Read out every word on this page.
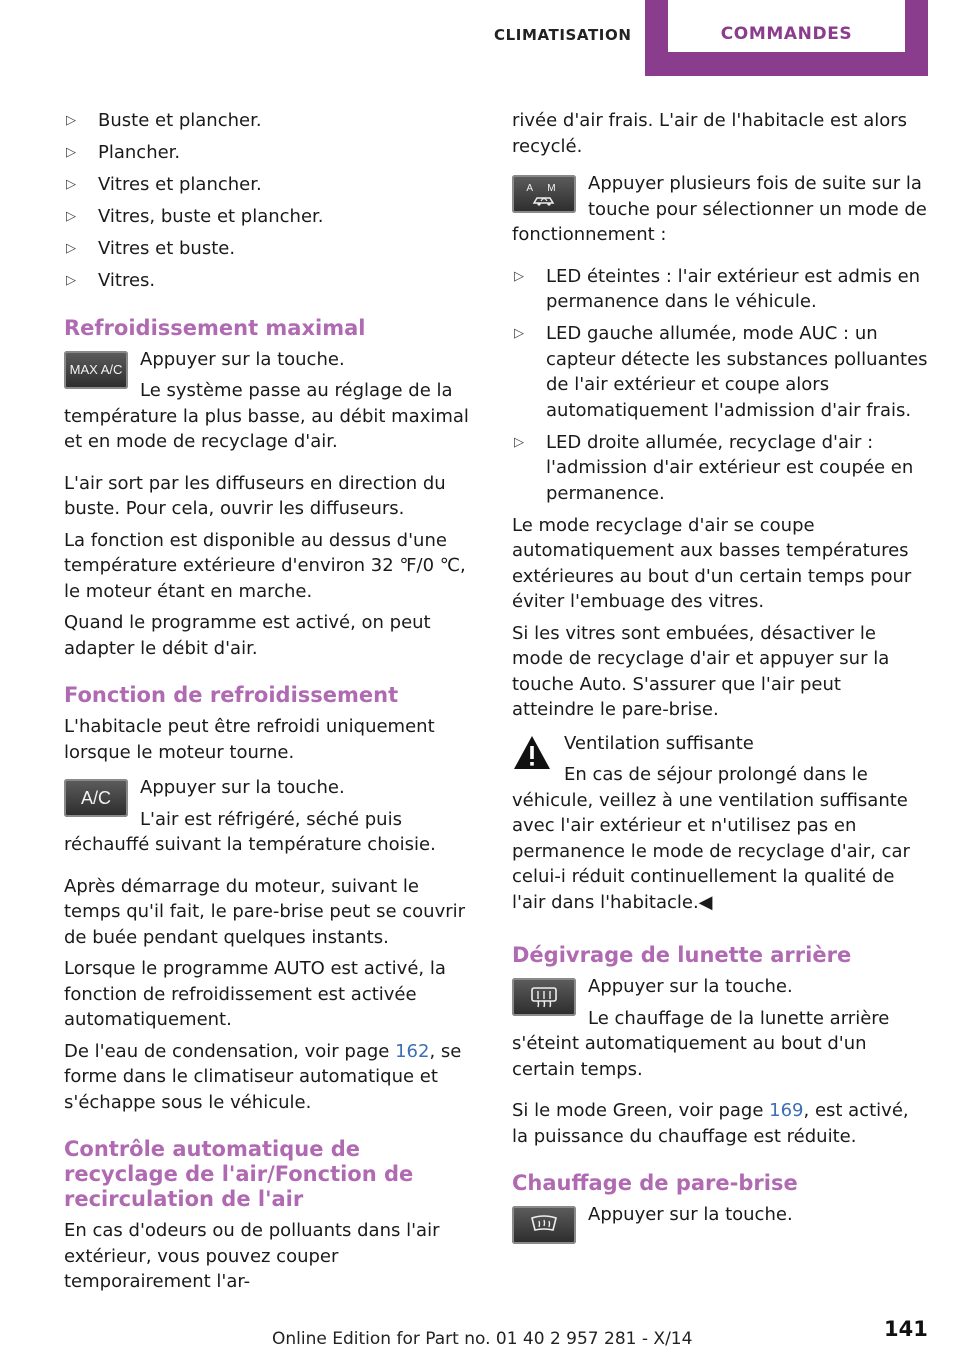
CLIMATISATION	COMMANDES
▷ Buste et plancher.
▷ Plancher.
▷ Vitres et plancher.
▷ Vitres, buste et plancher.
▷ Vitres et buste.
▷ Vitres.
Refroidissement maximal
MAX A/C Appuyer sur la touche.

Le système passe au réglage de la température la plus basse, au débit maximal et en mode de recyclage d'air.

L'air sort par les diffuseurs en direction du buste. Pour cela, ouvrir les diffuseurs.

La fonction est disponible au dessus d'une température extérieure d'environ 32 ℉/0 ℃, le moteur étant en marche.

Quand le programme est activé, on peut adapter le débit d'air.

Fonction de refroidissement

L'habitacle peut être refroidi uniquement lorsque le moteur tourne.

A/C	Appuyer sur la touche.

L'air est réfrigéré, séché puis réchauffé suivant la température choisie.

Après démarrage du moteur, suivant le temps qu'il fait, le pare-brise peut se couvrir de buée pendant quelques instants.

Lorsque le programme AUTO est activé, la fonction de refroidissement est activée automatiquement.

De l'eau de condensation, voir page 162, se forme dans le climatiseur automatique et s'échappe sous le véhicule.

Contrôle automatique de recyclage de l'air/Fonction de recirculation de l'air

En cas d'odeurs ou de polluants dans l'air extérieur, vous pouvez couper temporairement l'ar-

rivée d'air frais. L'air de l'habitacle est alors recyclé.

A M	Appuyer plusieurs fois de suite sur la touche pour sélectionner un mode de fonctionnement :

▷ LED éteintes : l'air extérieur est admis en permanence dans le véhicule.
▷ LED gauche allumée, mode AUC : un capteur détecte les substances polluantes de l'air extérieur et coupe alors automatiquement l'admission d'air frais.
▷ LED droite allumée, recyclage d'air : l'admission d'air extérieur est coupée en permanence.

Le mode recyclage d'air se coupe automatiquement aux basses températures extérieures au bout d'un certain temps pour éviter l'embuage des vitres.

Si les vitres sont embuées, désactiver le mode de recyclage d'air et appuyer sur la touche Auto. S'assurer que l'air peut atteindre le pare-brise.

Ventilation suffisante

En cas de séjour prolongé dans le véhicule, veillez à une ventilation suffisante avec l'air extérieur et n'utilisez pas en permanence le mode de recyclage d'air, car celui-i réduit continuellement la qualité de l'air dans l'habitacle.◀

Dégivrage de lunette arrière

Appuyer sur la touche.

Le chauffage de la lunette arrière s'éteint automatiquement au bout d'un certain temps.

Si le mode Green, voir page 169, est activé, la puissance du chauffage est réduite.

Chauffage de pare-brise

Appuyer sur la touche.

141
Online Edition for Part no. 01 40 2 957 281 - X/14
